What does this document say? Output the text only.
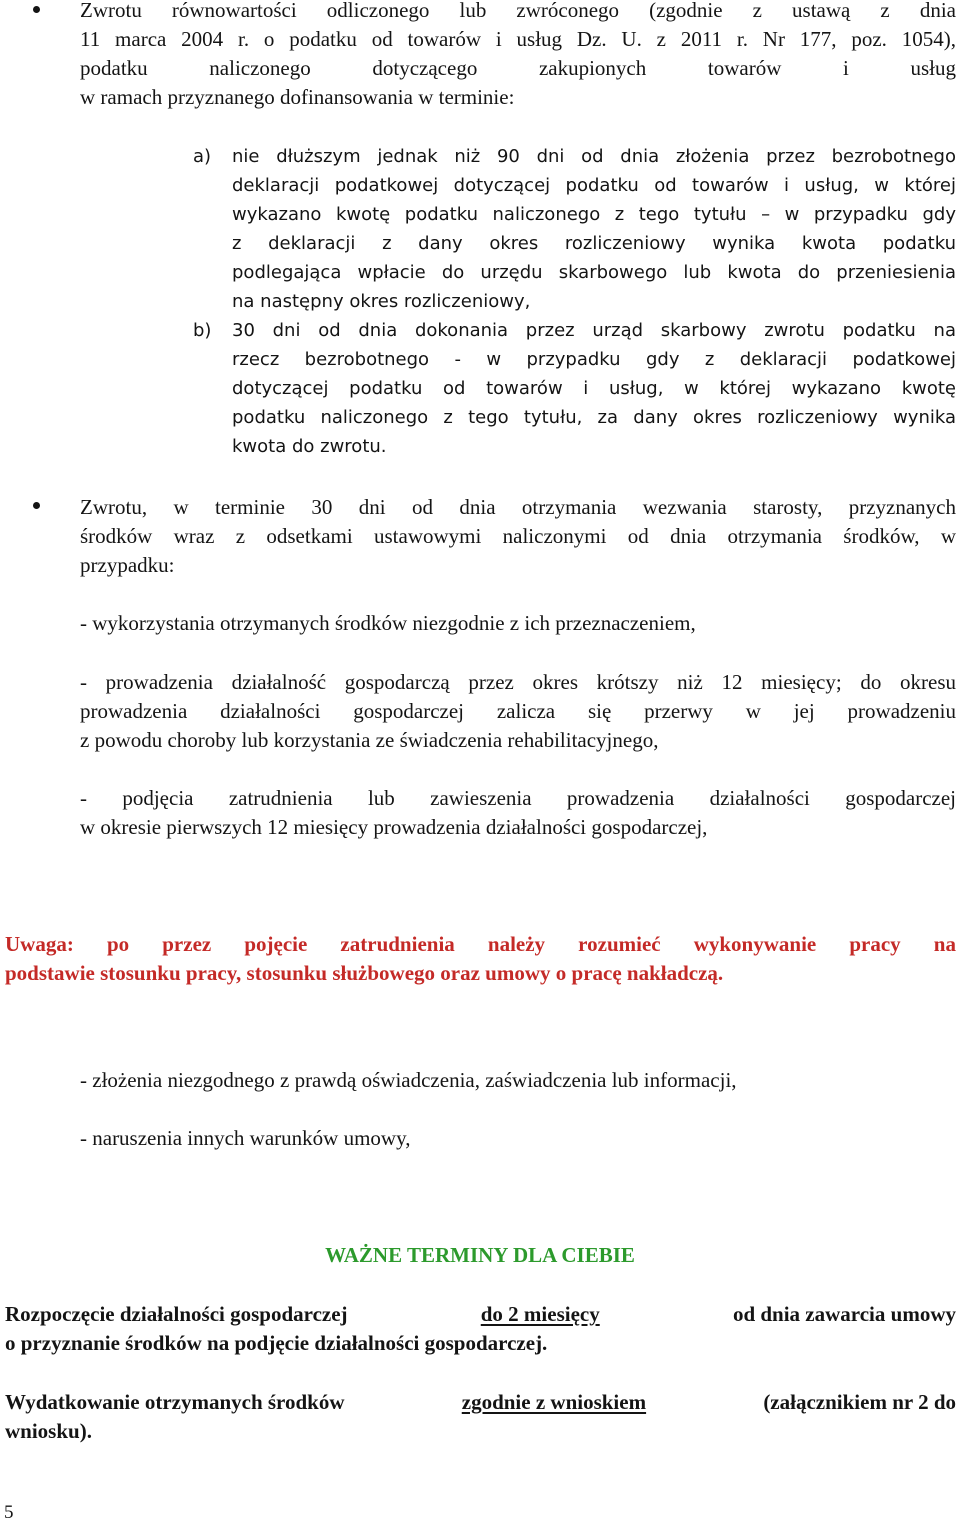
Zwrotu równowartości odliczonego lub zwróconego (zgodnie z ustawą z dnia
11 marca 2004 r. o podatku od towarów i usług Dz. U. z 2011 r. Nr 177, poz. 1054),
podatku naliczonego dotyczącego zakupionych towarów i usług
w ramach przyznanego dofinansowania w terminie:
a) nie dłuższym jednak niż 90 dni od dnia złożenia przez bezrobotnego
deklaracji podatkowej dotyczącej podatku od towarów i usług, w której
wykazano kwotę podatku naliczonego z tego tytułu – w przypadku gdy
z deklaracji z dany okres rozliczeniowy wynika kwota podatku
podlegająca wpłacie do urzędu skarbowego lub kwota do przeniesienia
na następny okres rozliczeniowy,
b) 30 dni od dnia dokonania przez urząd skarbowy zwrotu podatku na
rzecz bezrobotnego - w przypadku gdy z deklaracji podatkowej
dotyczącej podatku od towarów i usług, w której wykazano kwotę
podatku naliczonego z tego tytułu, za dany okres rozliczeniowy wynika
kwota do zwrotu.
Zwrotu, w terminie 30 dni od dnia otrzymania wezwania starosty, przyznanych
środków wraz z odsetkami ustawowymi naliczonymi od dnia otrzymania środków, w
przypadku:
- wykorzystania otrzymanych środków niezgodnie z ich przeznaczeniem,
- prowadzenia działalność gospodarczą przez okres krótszy niż 12 miesięcy; do okresu
prowadzenia działalności gospodarczej zalicza się przerwy w jej prowadzeniu
z powodu choroby lub korzystania ze świadczenia rehabilitacyjnego,
- podjęcia zatrudnienia lub zawieszenia prowadzenia działalności gospodarczej
w okresie pierwszych 12 miesięcy prowadzenia działalności gospodarczej,
Uwaga: po przez pojęcie zatrudnienia należy rozumieć wykonywanie pracy na
podstawie stosunku pracy, stosunku służbowego oraz umowy o pracę nakładczą.
- złożenia niezgodnego z prawdą oświadczenia, zaświadczenia lub informacji,
- naruszenia innych warunków umowy,
WAŻNE TERMINY DLA CIEBIE
Rozpoczęcie działalności gospodarczej	do 2 miesięcy	od dnia zawarcia umowy
o przyznanie środków na podjęcie działalności gospodarczej.
Wydatkowanie otrzymanych środków	zgodnie z wnioskiem	(załącznikiem nr 2 do
wniosku).
5
